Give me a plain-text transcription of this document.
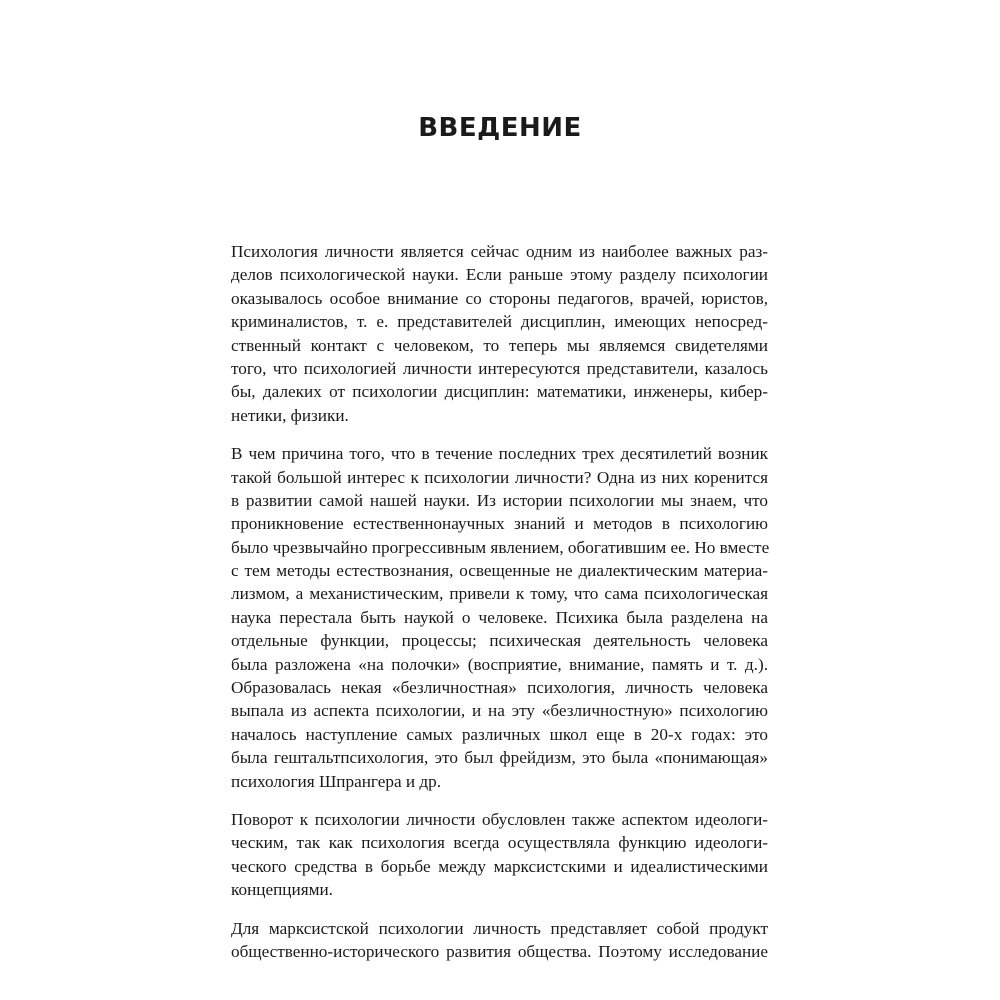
ВВЕДЕНИЕ

Психология личности является сейчас одним из наиболее важных раз-
делов психологической науки. Если раньше этому разделу психологии
оказывалось особое внимание со стороны педагогов, врачей, юристов,
криминалистов, т. е. представителей дисциплин, имеющих непосред-
ственный контакт с человеком, то теперь мы являемся свидетелями
того, что психологией личности интересуются представители, казалось
бы, далеких от психологии дисциплин: математики, инженеры, кибер-
нетики, физики.

В чем причина того, что в течение последних трех десятилетий возник
такой большой интерес к психологии личности? Одна из них коренится
в развитии самой нашей науки. Из истории психологии мы знаем, что
проникновение естественнонаучных знаний и методов в психологию
было чрезвычайно прогрессивным явлением, обогатившим ее. Но вместе
с тем методы естествознания, освещенные не диалектическим материа-
лизмом, а механистическим, привели к тому, что сама психологическая
наука перестала быть наукой о человеке. Психика была разделена на
отдельные функции, процессы; психическая деятельность человека
была разложена «на полочки» (восприятие, внимание, память и т. д.).
Образовалась некая «безличностная» психология, личность человека
выпала из аспекта психологии, и на эту «безличностную» психологию
началось наступление самых различных школ еще в 20-х годах: это
была гештальтпсихология, это был фрейдизм, это была «понимающая»
психология Шпрангера и др.

Поворот к психологии личности обусловлен также аспектом идеологи-
ческим, так как психология всегда осуществляла функцию идеологи-
ческого средства в борьбе между марксистскими и идеалистическими
концепциями.

Для марксистской психологии личность представляет собой продукт
общественно-исторического развития общества. Поэтому исследование
